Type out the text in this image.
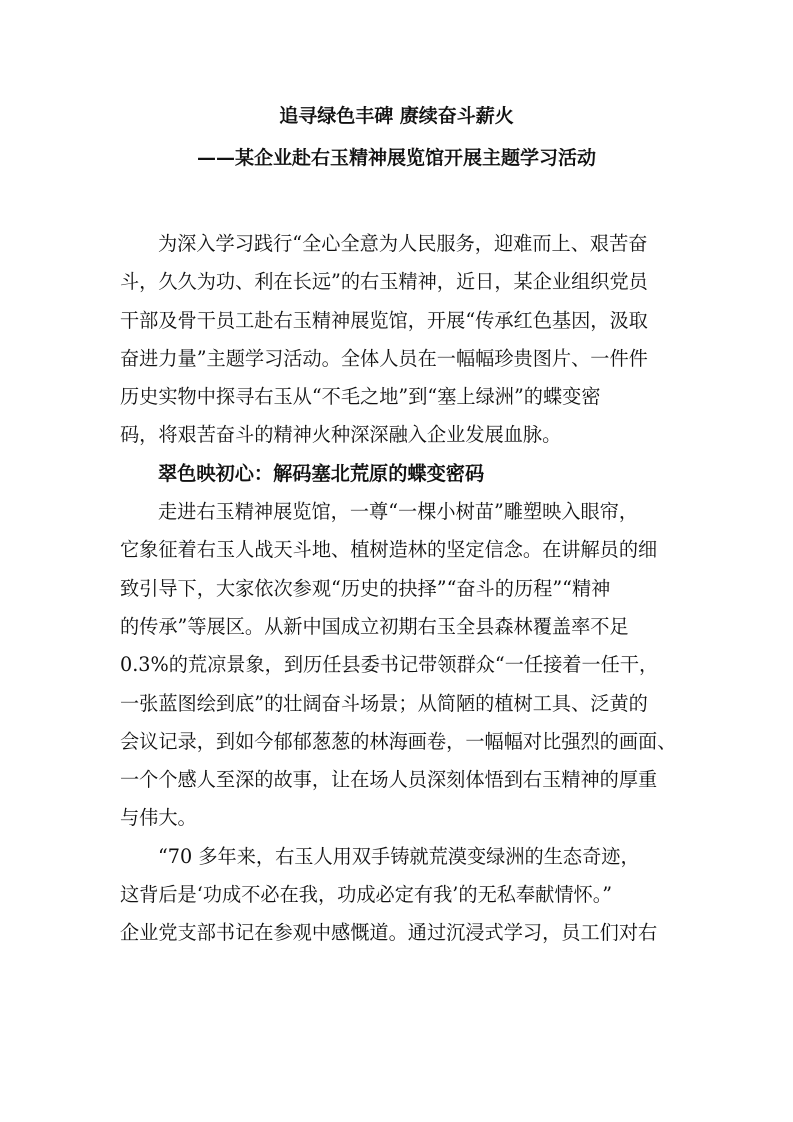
追寻绿色丰碑 赓续奋斗薪火
——某企业赴右玉精神展览馆开展主题学习活动
为深入学习践行“全心全意为人民服务，迎难而上、艰苦奋
斗，久久为功、利在长远”的右玉精神，近日，某企业组织党员
干部及骨干员工赴右玉精神展览馆，开展“传承红色基因，汲取
奋进力量”主题学习活动。全体人员在一幅幅珍贵图片、一件件
历史实物中探寻右玉从“不毛之地”到“塞上绿洲”的蝶变密
码，将艰苦奋斗的精神火种深深融入企业发展血脉。
翠色映初心：解码塞北荒原的蝶变密码
走进右玉精神展览馆，一尊“一棵小树苗”雕塑映入眼帘，
它象征着右玉人战天斗地、植树造林的坚定信念。在讲解员的细
致引导下，大家依次参观“历史的抉择”“奋斗的历程”“精神
的传承”等展区。从新中国成立初期右玉全县森林覆盖率不足
0.3%的荒凉景象，到历任县委书记带领群众“一任接着一任干，
一张蓝图绘到底”的壮阔奋斗场景；从简陋的植树工具、泛黄的
会议记录，到如今郁郁葱葱的林海画卷，一幅幅对比强烈的画面、
一个个感人至深的故事，让在场人员深刻体悟到右玉精神的厚重
与伟大。
“70 多年来，右玉人用双手铸就荒漠变绿洲的生态奇迹，
这背后是‘功成不必在我，功成必定有我’的无私奉献情怀。”
企业党支部书记在参观中感慨道。通过沉浸式学习，员工们对右
